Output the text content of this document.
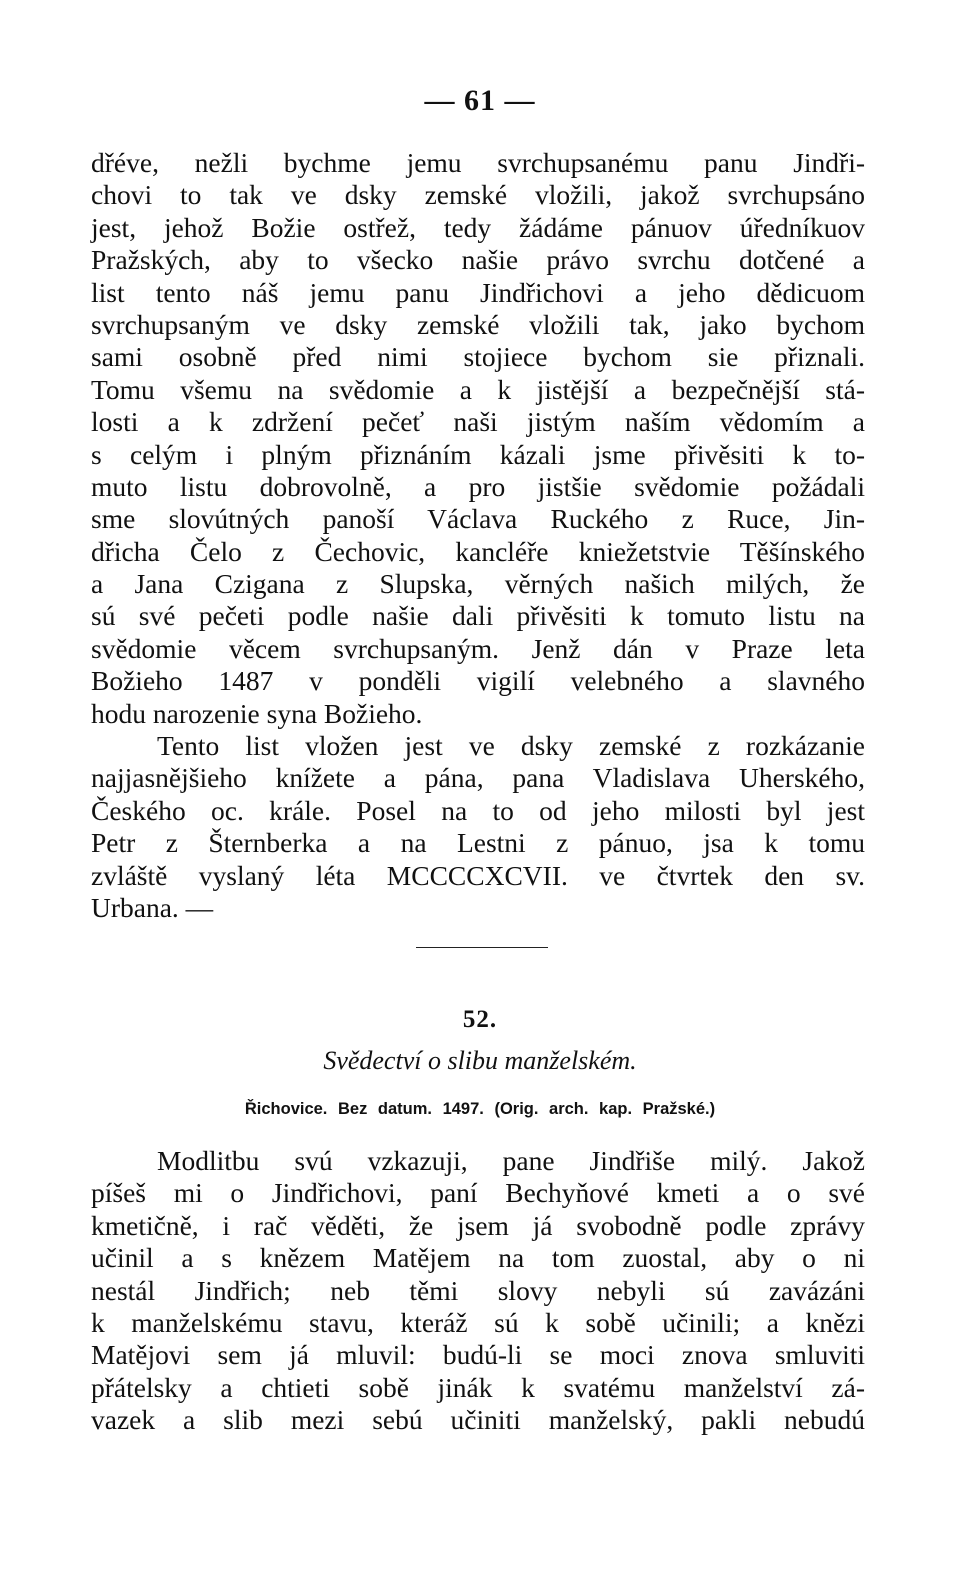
— 61 —
dřéve, nežli bychme jemu svrchupsanému panu Jindři-
chovi to tak ve dsky zemské vložili, jakož svrchupsáno
jest, jehož Božie ostřež, tedy žádáme pánuov úředníkuov
Pražských, aby to všecko našie právo svrchu dotčené a
list tento náš jemu panu Jindřichovi a jeho dědicuom
svrchupsaným ve dsky zemské vložili tak, jako bychom
sami osobně před nimi stojiece bychom sie přiznali.
Tomu všemu na svědomie a k jistější a bezpečnější stá-
losti a k zdržení pečeť naši jistým naším vědomím a
s celým i plným přiznáním kázali jsme přivěsiti k to-
muto listu dobrovolně, a pro jistšie svědomie požádali
sme slovútných panoší Václava Ruckého z Ruce, Jin-
dřicha Čelo z Čechovic, kancléře kniežetstvie Těšínského
a Jana Czigana z Slupska, věrných našich milých, že
sú své pečeti podle našie dali přivěsiti k tomuto listu na
svědomie věcem svrchupsaným. Jenž dán v Praze leta
Božieho 1487 v ponděli vigilí velebného a slavného
hodu narozenie syna Božieho.
Tento list vložen jest ve dsky zemské z rozkázanie
najjasnějšieho knížete a pána, pana Vladislava Uherského,
Českého oc. krále. Posel na to od jeho milosti byl jest
Petr z Šternberka a na Lestni z pánuo, jsa k tomu
zvláště vyslaný léta MCCCCXCVII. ve čtvrtek den sv.
Urbana. —
52.
Svědectví o slibu manželském.
Řichovice. Bez datum. 1497. (Orig. arch. kap. Pražské.)
Modlitbu svú vzkazuji, pane Jindřiše milý. Jakož
píšeš mi o Jindřichovi, paní Bechyňové kmeti a o své
kmetičně, i rač věděti, že jsem já svobodně podle zprávy
učinil a s knězem Matějem na tom zuostal, aby o ni
nestál Jindřich; neb těmi slovy nebyli sú zavázáni
k manželskému stavu, kteráž sú k sobě učinili; a knězi
Matějovi sem já mluvil: budú-li se moci znova smluviti
přátelsky a chtieti sobě jinák k svatému manželství zá-
vazek a slib mezi sebú učiniti manželský, pakli nebudú
